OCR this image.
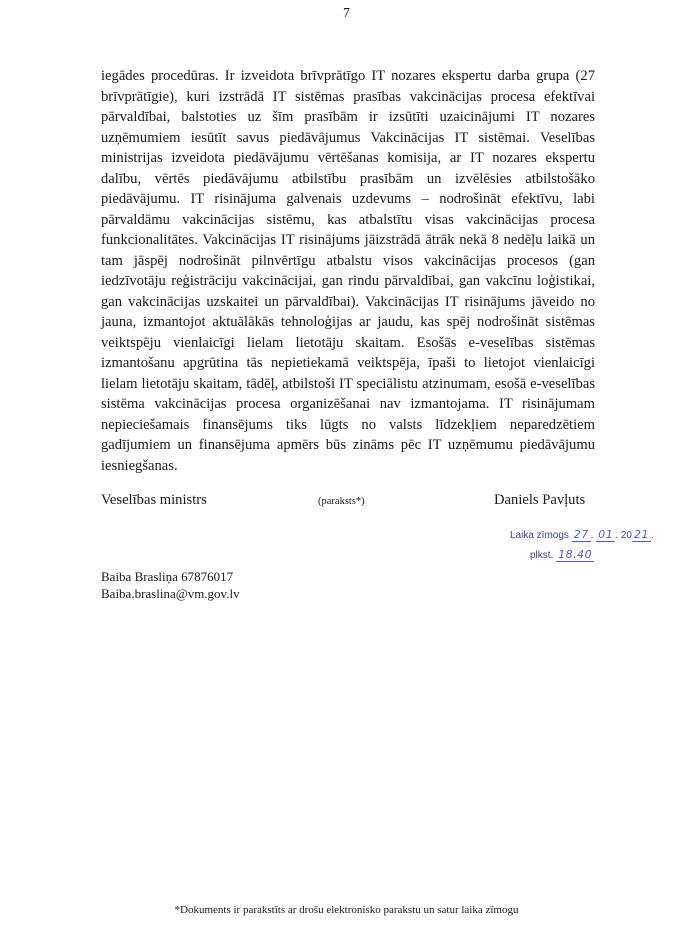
7

iegādes procedūras. Ir izveidota brīvprātīgo IT nozares ekspertu darba grupa (27 brīvprātīgie), kuri izstrādā IT sistēmas prasības vakcinācijas procesa efektīvai pārvaldībai, balstoties uz šīm prasībām ir izsūtīti uzaicinājumi IT nozares uzņēmumiem iesūtīt savus piedāvājumus Vakcinācijas IT sistēmai. Veselības ministrijas izveidota piedāvājumu vērtēšanas komisija, ar IT nozares ekspertu dalību, vērtēs piedāvājumu atbilstību prasībām un izvēlēsies atbilstošāko piedāvājumu. IT risinājuma galvenais uzdevums – nodrošināt efektīvu, labi pārvaldāmu vakcinācijas sistēmu, kas atbalstītu visas vakcinācijas procesa funkcionalitātes. Vakcinācijas IT risinājums jāizstrādā ātrāk nekā 8 nedēļu laikā un tam jāspēj nodrošināt pilnvērtīgu atbalstu visos vakcinācijas procesos (gan iedzīvotāju reģistrāciju vakcinācijai, gan rindu pārvaldībai, gan vakcīnu loģistikai, gan vakcinācijas uzskaitei un pārvaldībai). Vakcinācijas IT risinājums jāveido no jauna, izmantojot aktuālākās tehnoloģijas ar jaudu, kas spēj nodrošināt sistēmas veiktspēju vienlaicīgi lielam lietotāju skaitam. Esošās e-veselības sistēmas izmantošanu apgrūtina tās nepietiekamā veiktspēja, īpaši to lietojot vienlaicīgi lielam lietotāju skaitam, tādēļ, atbilstoši IT speciālistu atzinumam, esošā e-veselības sistēma vakcinācijas procesa organizēšanai nav izmantojama. IT risinājumam nepieciešamais finansējums tiks lūgts no valsts līdzekļiem neparedzētiem gadījumiem un finansējuma apmērs būs zināms pēc IT uzņēmumu piedāvājumu iesniegšanas.

Veselības ministrs	(paraksts*)	Daniels Pavļuts
Laika zīmogs 27 . 01 . 20 21 .
plkst. 18.40
Baiba Brasliņa 67876017
Baiba.braslina@vm.gov.lv
*Dokuments ir parakstīts ar drošu elektronisko parakstu un satur laika zīmogu
